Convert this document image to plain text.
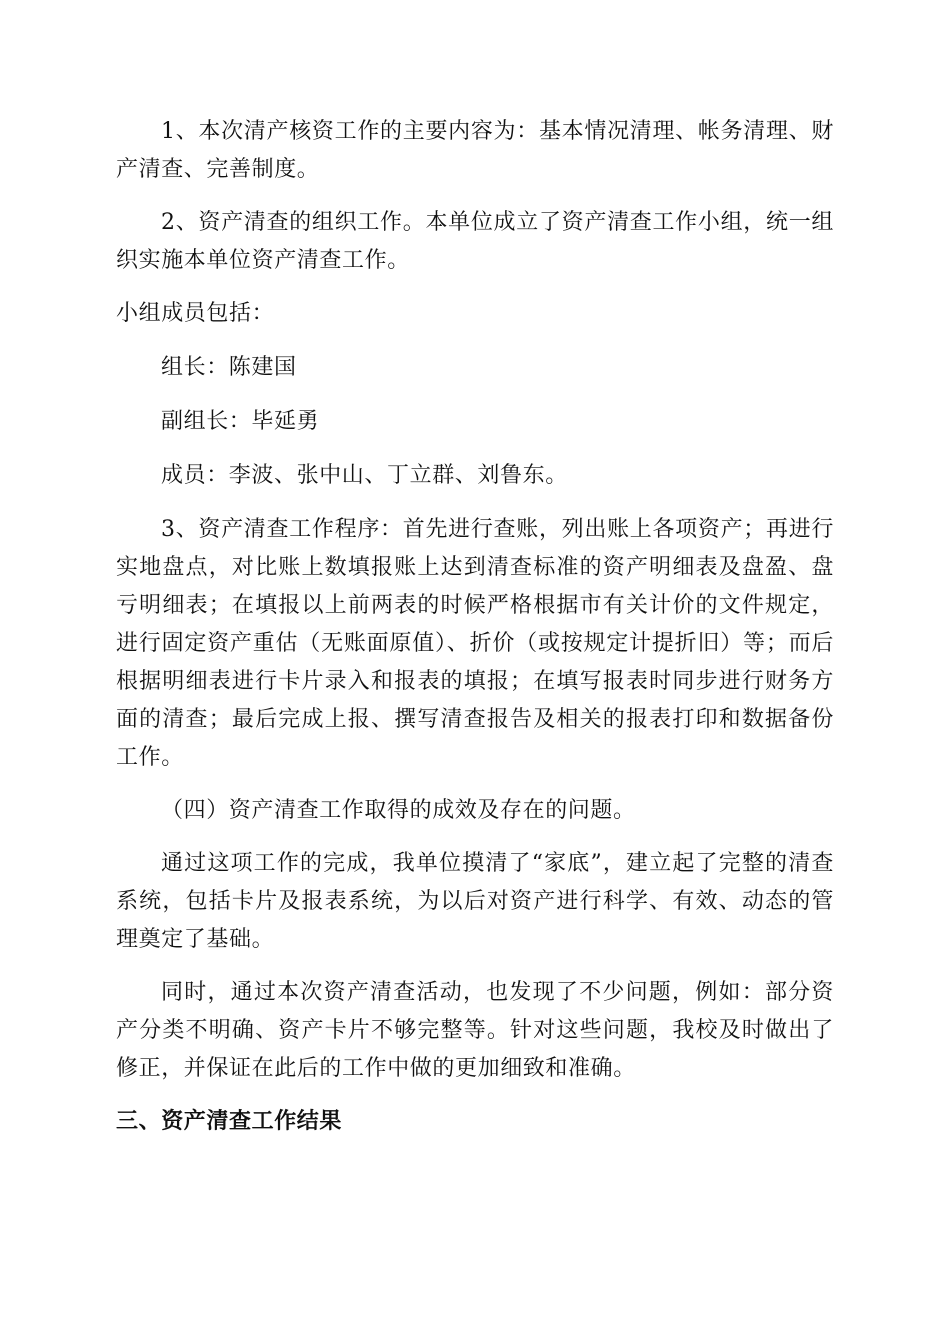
1、本次清产核资工作的主要内容为：基本情况清理、帐务清理、财产清查、完善制度。

2、资产清查的组织工作。本单位成立了资产清查工作小组，统一组织实施本单位资产清查工作。

小组成员包括：

组长：陈建国

副组长：毕延勇

成员：李波、张中山、丁立群、刘鲁东。

3、资产清查工作程序：首先进行查账，列出账上各项资产；再进行实地盘点，对比账上数填报账上达到清查标准的资产明细表及盘盈、盘亏明细表；在填报以上前两表的时候严格根据市有关计价的文件规定，进行固定资产重估（无账面原值）、折价（或按规定计提折旧）等；而后根据明细表进行卡片录入和报表的填报；在填写报表时同步进行财务方面的清查；最后完成上报、撰写清查报告及相关的报表打印和数据备份工作。

（四）资产清查工作取得的成效及存在的问题。

通过这项工作的完成，我单位摸清了“家底”，建立起了完整的清查系统，包括卡片及报表系统，为以后对资产进行科学、有效、动态的管理奠定了基础。

同时，通过本次资产清查活动，也发现了不少问题，例如：部分资产分类不明确、资产卡片不够完整等。针对这些问题，我校及时做出了修正，并保证在此后的工作中做的更加细致和准确。

三、资产清查工作结果
